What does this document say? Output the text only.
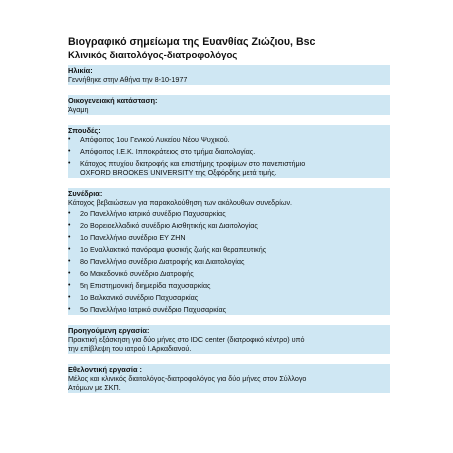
Βιογραφικό σημείωμα της Ευανθίας Ζιώζιου, Bsc

Κλινικός διαιτολόγος-διατροφολόγος

Ηλικία:

Γεννήθηκε στην Αθήνα την 8-10-1977

Οικογενειακή κατάσταση:

Άγαμη

Σπουδές:

• Απόφοιτος 1ου Γενικού Λυκείου Νέου Ψυχικού.
• Απόφοιτος Ι.Ε.Κ. Ιπποκράτειος στο τμήμα διαιτολογίας.
• Κάτοχος πτυχίου διατροφής και επιστήμης τροφίμων στο πανεπιστήμιο
OXFORD BROOKES UNIVERSITY της Οξφόρδης μετά τιμής.

Συνέδρια:

Κάτοχος βεβαιώσεων για παρακολούθηση των ακόλουθων συνεδρίων.

• 2ο Πανελλήνιο ιατρικό συνέδριο Παχυσαρκίας
• 2ο Βορειοελλαδικό συνέδριο Αισθητικής και Διαιτολογίας
• 1ο Πανελλήνιο συνέδριο ΕΥ ΖΗΝ
• 1ο Εναλλακτικό πανόραμα φυσικής ζωής και θεραπευτικής
• 8ο Πανελλήνιο συνέδριο Διατροφής και Διαιτολογίας
• 6ο Μακεδονικό συνέδριο Διατροφής
• 5η Επιστημονική διημερίδα παχυσαρκίας
• 1ο Βαλκανικό συνέδριο Παχυσαρκίας
• 5ο Πανελλήνιο Ιατρικό συνέδριο Παχυσαρκίας

Προηγούμενη εργασία:

Πρακτική εξάσκηση για δύο μήνες στο IDC center (διατροφικό κέντρο) υπό

την επίβλεψη του ιατρού Ι.Αρκαδιανού.

Εθελοντική εργασία :

Μέλος και κλινικός διαιτολόγος-διατροφολόγος για δύο μήνες στον Σύλλογο

Ατόμων με ΣΚΠ.
